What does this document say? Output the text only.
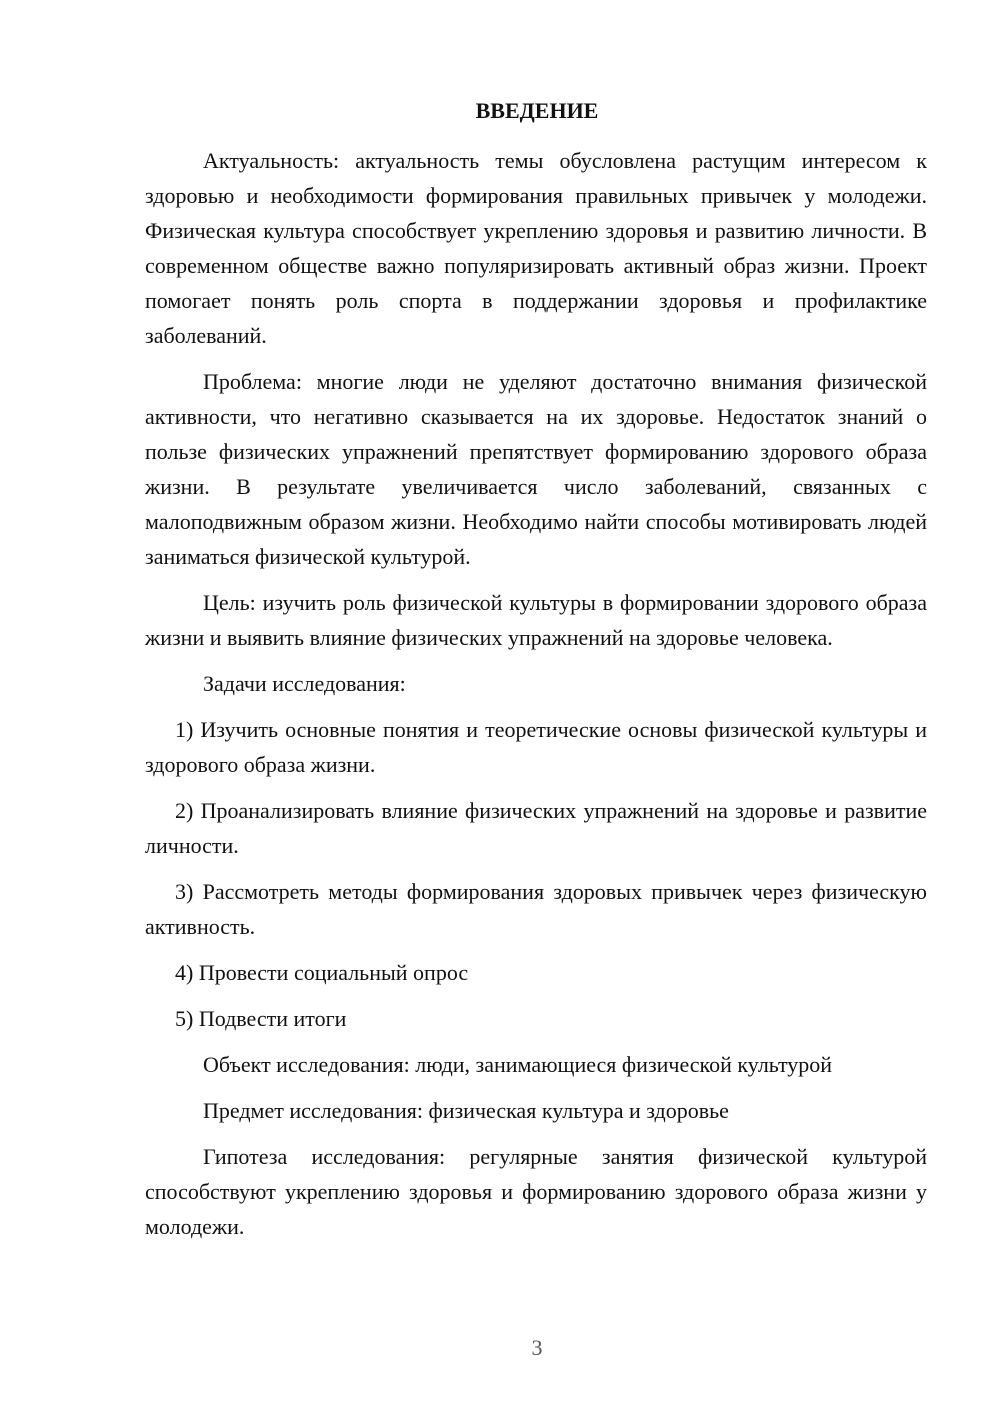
ВВЕДЕНИЕ

Актуальность: актуальность темы обусловлена растущим интересом к здоровью и необходимости формирования правильных привычек у молодежи. Физическая культура способствует укреплению здоровья и развитию личности. В современном обществе важно популяризировать активный образ жизни. Проект помогает понять роль спорта в поддержании здоровья и профилактике заболеваний.

Проблема: многие люди не уделяют достаточно внимания физической активности, что негативно сказывается на их здоровье. Недостаток знаний о пользе физических упражнений препятствует формированию здорового образа жизни. В результате увеличивается число заболеваний, связанных с малоподвижным образом жизни. Необходимо найти способы мотивировать людей заниматься физической культурой.

Цель: изучить роль физической культуры в формировании здорового образа жизни и выявить влияние физических упражнений на здоровье человека.

Задачи исследования:

1) Изучить основные понятия и теоретические основы физической культуры и здорового образа жизни.

2) Проанализировать влияние физических упражнений на здоровье и развитие личности.

3) Рассмотреть методы формирования здоровых привычек через физическую активность.

4) Провести социальный опрос

5) Подвести итоги

Объект исследования: люди, занимающиеся физической культурой

Предмет исследования: физическая культура и здоровье

Гипотеза исследования: регулярные занятия физической культурой способствуют укреплению здоровья и формированию здорового образа жизни у молодежи.

3
